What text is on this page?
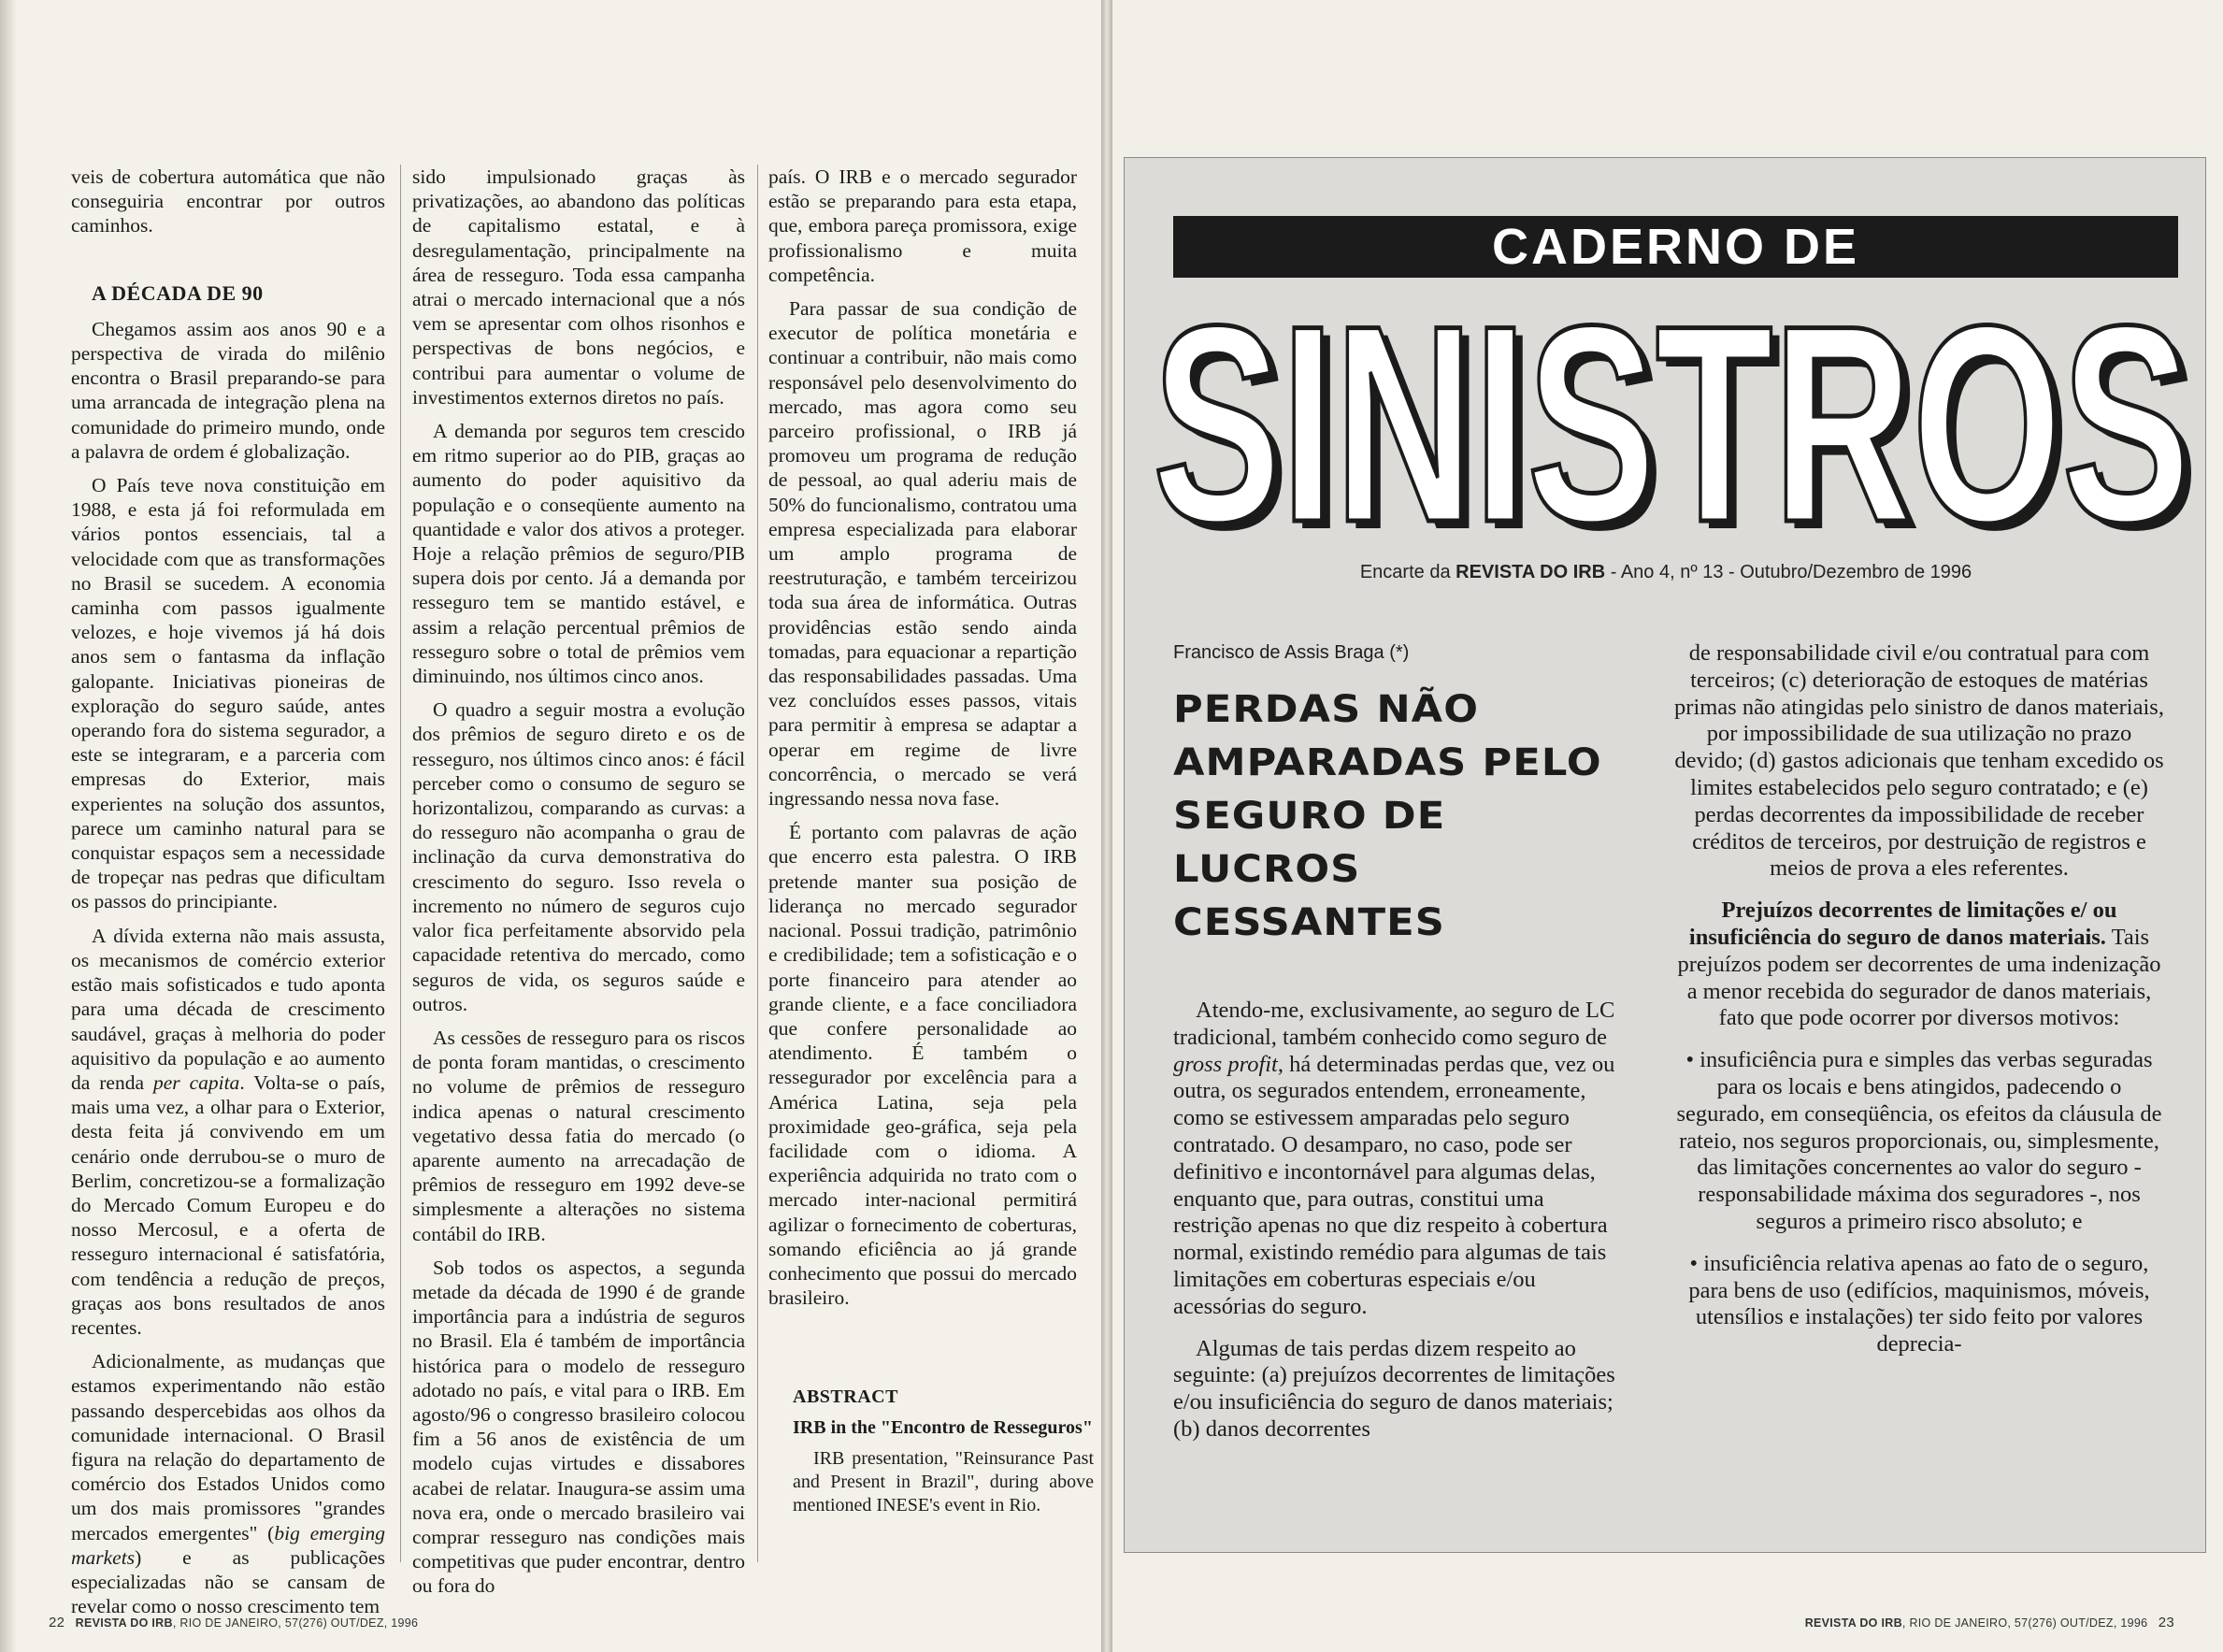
veis de cobertura automática que não conseguiria encontrar por outros caminhos.

A DÉCADA DE 90

Chegamos assim aos anos 90 e a perspectiva de virada do milênio encontra o Brasil preparando-se para uma arrancada de integração plena na comunidade do primeiro mundo, onde a palavra de ordem é globalização.

O País teve nova constituição em 1988, e esta já foi reformulada em vários pontos essenciais, tal a velocidade com que as transformações no Brasil se sucedem. A economia caminha com passos igualmente velozes, e hoje vivemos já há dois anos sem o fantasma da inflação galopante. Iniciativas pioneiras de exploração do seguro saúde, antes operando fora do sistema segurador, a este se integraram, e a parceria com empresas do Exterior, mais experientes na solução dos assuntos, parece um caminho natural para se conquistar espaços sem a necessidade de tropeçar nas pedras que dificultam os passos do principiante.

A dívida externa não mais assusta, os mecanismos de comércio exterior estão mais sofisticados e tudo aponta para uma década de crescimento saudável, graças à melhoria do poder aquisitivo da população e ao aumento da renda per capita. Volta-se o país, mais uma vez, a olhar para o Exterior, desta feita já convivendo em um cenário onde derrubou-se o muro de Berlim, concretizou-se a formalização do Mercado Comum Europeu e do nosso Mercosul, e a oferta de resseguro internacional é satisfatória, com tendência a redução de preços, graças aos bons resultados de anos recentes.

Adicionalmente, as mudanças que estamos experimentando não estão passando despercebidas aos olhos da comunidade internacional. O Brasil figura na relação do departamento de comércio dos Estados Unidos como um dos mais promissores "grandes mercados emergentes" (big emerging markets) e as publicações especializadas não se cansam de revelar como o nosso crescimento tem

sido impulsionado graças às privatizações, ao abandono das políticas de capitalismo estatal, e à desregulamentação, principalmente na área de resseguro. Toda essa campanha atrai o mercado internacional que a nós vem se apresentar com olhos risonhos e perspectivas de bons negócios, e contribui para aumentar o volume de investimentos externos diretos no país.

A demanda por seguros tem crescido em ritmo superior ao do PIB, graças ao aumento do poder aquisitivo da população e o conseqüente aumento na quantidade e valor dos ativos a proteger. Hoje a relação prêmios de seguro/PIB supera dois por cento. Já a demanda por resseguro tem se mantido estável, e assim a relação percentual prêmios de resseguro sobre o total de prêmios vem diminuindo, nos últimos cinco anos.

O quadro a seguir mostra a evolução dos prêmios de seguro direto e os de resseguro, nos últimos cinco anos: é fácil perceber como o consumo de seguro se horizontalizou, comparando as curvas: a do resseguro não acompanha o grau de inclinação da curva demonstrativa do crescimento do seguro. Isso revela o incremento no número de seguros cujo valor fica perfeitamente absorvido pela capacidade retentiva do mercado, como seguros de vida, os seguros saúde e outros.

As cessões de resseguro para os riscos de ponta foram mantidas, o crescimento no volume de prêmios de resseguro indica apenas o natural crescimento vegetativo dessa fatia do mercado (o aparente aumento na arrecadação de prêmios de resseguro em 1992 deve-se simplesmente a alterações no sistema contábil do IRB.

Sob todos os aspectos, a segunda metade da década de 1990 é de grande importância para a indústria de seguros no Brasil. Ela é também de importância histórica para o modelo de resseguro adotado no país, e vital para o IRB. Em agosto/96 o congresso brasileiro colocou fim a 56 anos de existência de um modelo cujas virtudes e dissabores acabei de relatar. Inaugura-se assim uma nova era, onde o mercado brasileiro vai comprar resseguro nas condições mais competitivas que puder encontrar, dentro ou fora do

país. O IRB e o mercado segurador estão se preparando para esta etapa, que, embora pareça promissora, exige profissionalismo e muita competência.

Para passar de sua condição de executor de política monetária e continuar a contribuir, não mais como responsável pelo desenvolvimento do mercado, mas agora como seu parceiro profissional, o IRB já promoveu um programa de redução de pessoal, ao qual aderiu mais de 50% do funcionalismo, contratou uma empresa especializada para elaborar um amplo programa de reestruturação, e também terceirizou toda sua área de informática. Outras providências estão sendo ainda tomadas, para equacionar a repartição das responsabilidades passadas. Uma vez concluídos esses passos, vitais para permitir à empresa se adaptar a operar em regime de livre concorrência, o mercado se verá ingressando nessa nova fase.

É portanto com palavras de ação que encerro esta palestra. O IRB pretende manter sua posição de liderança no mercado segurador nacional. Possui tradição, patrimônio e credibilidade; tem a sofisticação e o porte financeiro para atender ao grande cliente, e a face conciliadora que confere personalidade ao atendimento. É também o ressegurador por excelência para a América Latina, seja pela proximidade geo-gráfica, seja pela facilidade com o idioma. A experiência adquirida no trato com o mercado inter-nacional permitirá agilizar o fornecimento de coberturas, somando eficiência ao já grande conhecimento que possui do mercado brasileiro.

ABSTRACT
IRB in the "Encontro de Resseguros"
IRB presentation, "Reinsurance Past and Present in Brazil", during above mentioned INESE's event in Rio.
22 REVISTA DO IRB, RIO DE JANEIRO, 57(276) OUT/DEZ, 1996
CADERNO DE
SINISTROS
SINISTROS
Encarte da REVISTA DO IRB - Ano 4, nº 13 - Outubro/Dezembro de 1996
Francisco de Assis Braga (*)
PERDAS NÃO
AMPARADAS PELO
SEGURO DE
LUCROS
CESSANTES

Atendo-me, exclusivamente, ao seguro de LC tradicional, também conhecido como seguro de gross profit, há determinadas perdas que, vez ou outra, os segurados entendem, erroneamente, como se estivessem amparadas pelo seguro contratado. O desamparo, no caso, pode ser definitivo e incontornável para algumas delas, enquanto que, para outras, constitui uma restrição apenas no que diz respeito à cobertura normal, existindo remédio para algumas de tais limitações em coberturas especiais e/ou acessórias do seguro.

Algumas de tais perdas dizem respeito ao seguinte: (a) prejuízos decorrentes de limitações e/ou insuficiência do seguro de danos materiais; (b) danos decorrentes

de responsabilidade civil e/ou contratual para com terceiros; (c) deterioração de estoques de matérias primas não atingidas pelo sinistro de danos materiais, por impossibilidade de sua utilização no prazo devido; (d) gastos adicionais que tenham excedido os limites estabelecidos pelo seguro contratado; e (e) perdas decorrentes da impossibilidade de receber créditos de terceiros, por destruição de registros e meios de prova a eles referentes.

Prejuízos decorrentes de limitações e/ ou insuficiência do seguro de danos materiais. Tais prejuízos podem ser decorrentes de uma indenização a menor recebida do segurador de danos materiais, fato que pode ocorrer por diversos motivos:

• insuficiência pura e simples das verbas seguradas para os locais e bens atingidos, padecendo o segurado, em conseqüência, os efeitos da cláusula de rateio, nos seguros proporcionais, ou, simplesmente, das limitações concernentes ao valor do seguro - responsabilidade máxima dos seguradores -, nos seguros a primeiro risco absoluto; e

• insuficiência relativa apenas ao fato de o seguro, para bens de uso (edifícios, maquinismos, móveis, utensílios e instalações) ter sido feito por valores deprecia-

REVISTA DO IRB, RIO DE JANEIRO, 57(276) OUT/DEZ, 1996 23
